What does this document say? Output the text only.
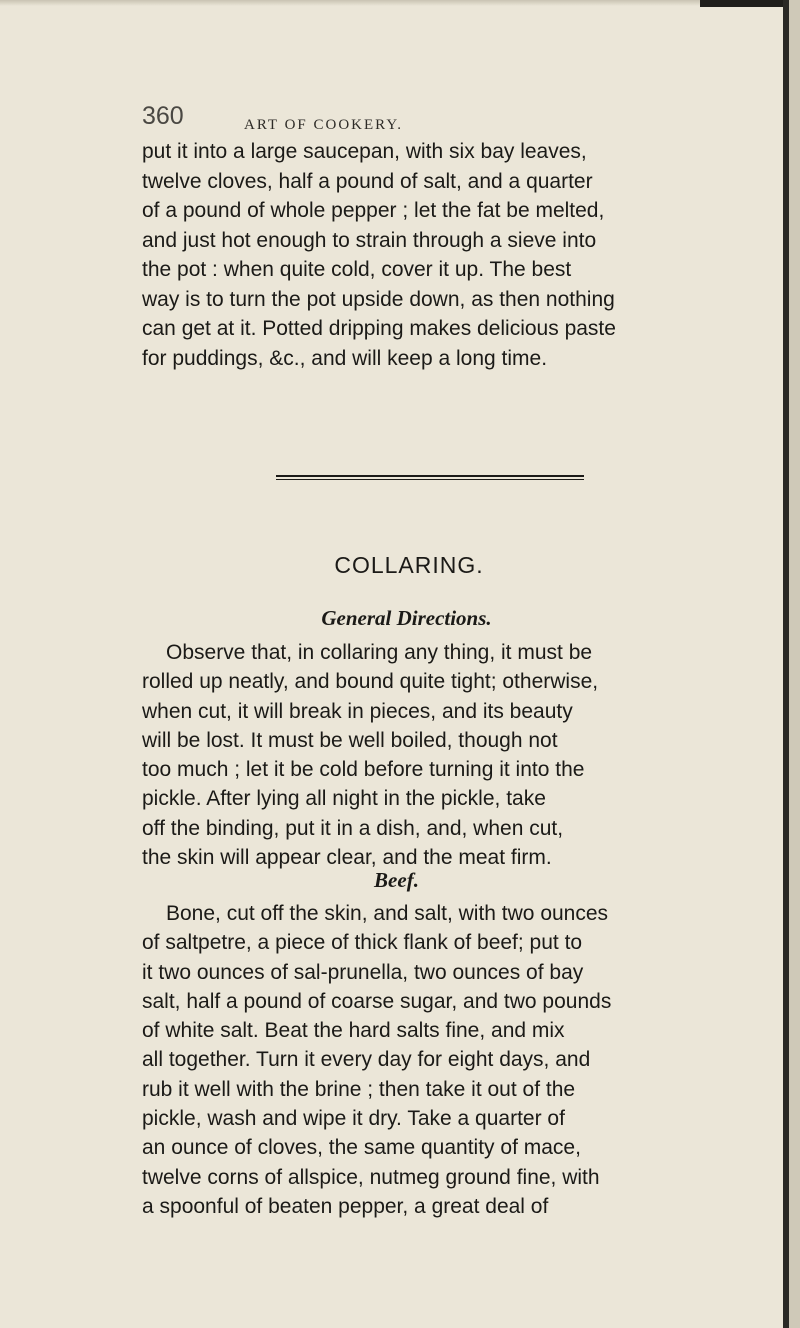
360	ART OF COOKERY.
put it into a large saucepan, with six bay leaves,
twelve cloves, half a pound of salt, and a quarter
of a pound of whole pepper ; let the fat be melted,
and just hot enough to strain through a sieve into
the pot : when quite cold, cover it up. The best
way is to turn the pot upside down, as then nothing
can get at it. Potted dripping makes delicious paste
for puddings, &c., and will keep a long time.
COLLARING.
General Directions.
Observe that, in collaring any thing, it must be
rolled up neatly, and bound quite tight; otherwise,
when cut, it will break in pieces, and its beauty
will be lost. It must be well boiled, though not
too much ; let it be cold before turning it into the
pickle. After lying all night in the pickle, take
off the binding, put it in a dish, and, when cut,
the skin will appear clear, and the meat firm.
Beef.
Bone, cut off the skin, and salt, with two ounces
of saltpetre, a piece of thick flank of beef; put to
it two ounces of sal-prunella, two ounces of bay
salt, half a pound of coarse sugar, and two pounds
of white salt. Beat the hard salts fine, and mix
all together. Turn it every day for eight days, and
rub it well with the brine ; then take it out of the
pickle, wash and wipe it dry. Take a quarter of
an ounce of cloves, the same quantity of mace,
twelve corns of allspice, nutmeg ground fine, with
a spoonful of beaten pepper, a great deal of
